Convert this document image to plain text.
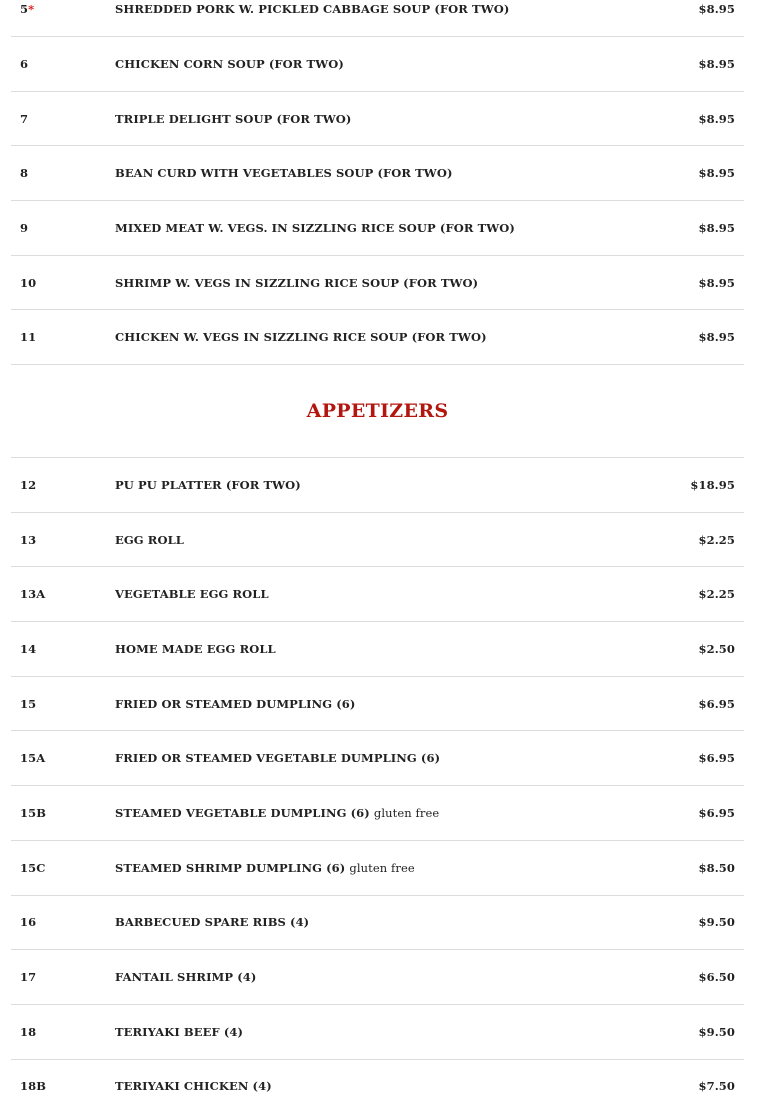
5*	SHREDDED PORK W. PICKLED CABBAGE SOUP (FOR TWO)	$8.95
6	CHICKEN CORN SOUP (FOR TWO)	$8.95
7	TRIPLE DELIGHT SOUP (FOR TWO)	$8.95
8	BEAN CURD WITH VEGETABLES SOUP (FOR TWO)	$8.95
9	MIXED MEAT W. VEGS. IN SIZZLING RICE SOUP (FOR TWO)	$8.95
10	SHRIMP W. VEGS IN SIZZLING RICE SOUP (FOR TWO)	$8.95
11	CHICKEN W. VEGS IN SIZZLING RICE SOUP (FOR TWO)	$8.95
APPETIZERS
12	PU PU PLATTER (FOR TWO)	$18.95
13	EGG ROLL	$2.25
13A	VEGETABLE EGG ROLL	$2.25
14	HOME MADE EGG ROLL	$2.50
15	FRIED OR STEAMED DUMPLING (6)	$6.95
15A	FRIED OR STEAMED VEGETABLE DUMPLING (6)	$6.95
15B	STEAMED VEGETABLE DUMPLING (6) gluten free	$6.95
15C	STEAMED SHRIMP DUMPLING (6) gluten free	$8.50
16	BARBECUED SPARE RIBS (4)	$9.50
17	FANTAIL SHRIMP (4)	$6.50
18	TERIYAKI BEEF (4)	$9.50
18B	TERIYAKI CHICKEN (4)	$7.50
